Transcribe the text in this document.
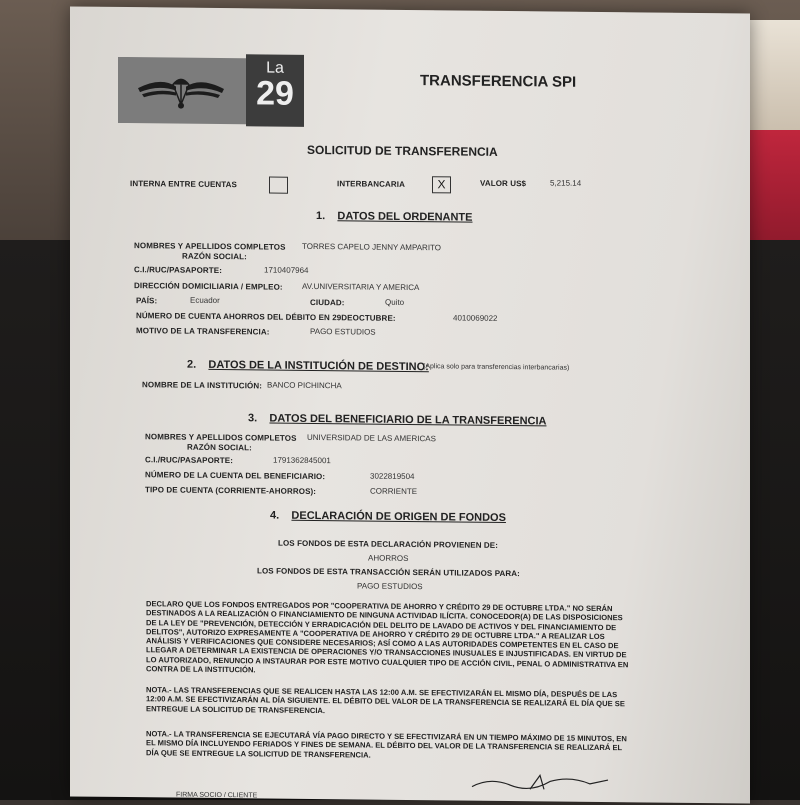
La
29	TRANSFERENCIA SPI
SOLICITUD DE TRANSFERENCIA
INTERNA ENTRE CUENTAS	INTERBANCARIA	X	VALOR US$	5,215.14
1. DATOS DEL ORDENANTE
NOMBRES Y APELLIDOS COMPLETOS
RAZÓN SOCIAL:
TORRES CAPELO JENNY AMPARITO
C.I./RUC/PASAPORTE:	1710407964
DIRECCIÓN DOMICILIARIA / EMPLEO: AV.UNIVERSITARIA Y AMERICA
PAÍS:	Ecuador	CIUDAD:	Quito
NÚMERO DE CUENTA AHORROS DEL DÉBITO EN 29DEOCTUBRE:	4010069022
MOTIVO DE LA TRANSFERENCIA:	PAGO ESTUDIOS
2. DATOS DE LA INSTITUCIÓN DE DESTINO:
(Aplica solo para transferencias interbancarias)
NOMBRE DE LA INSTITUCIÓN: BANCO PICHINCHA
3. DATOS DEL BENEFICIARIO DE LA TRANSFERENCIA
NOMBRES Y APELLIDOS COMPLETOS
RAZÓN SOCIAL:
UNIVERSIDAD DE LAS AMERICAS
C.I./RUC/PASAPORTE:	1791362845001
NÚMERO DE LA CUENTA DEL BENEFICIARIO:	3022819504
TIPO DE CUENTA (CORRIENTE-AHORROS):	CORRIENTE
4. DECLARACIÓN DE ORIGEN DE FONDOS
LOS FONDOS DE ESTA DECLARACIÓN PROVIENEN DE:
AHORROS
LOS FONDOS DE ESTA TRANSACCIÓN SERÁN UTILIZADOS PARA:
PAGO ESTUDIOS
DECLARO QUE LOS FONDOS ENTREGADOS POR "COOPERATIVA DE AHORRO Y CRÉDITO 29 DE OCTUBRE LTDA." NO SERÁN DESTINADOS A LA REALIZACIÓN O FINANCIAMIENTO DE NINGUNA ACTIVIDAD ILÍCITA. CONOCEDOR(A) DE LAS DISPOSICIONES DE LA LEY DE "PREVENCIÓN, DETECCIÓN Y ERRADICACIÓN DEL DELITO DE LAVADO DE ACTIVOS Y DEL FINANCIAMIENTO DE DELITOS", AUTORIZO EXPRESAMENTE A "COOPERATIVA DE AHORRO Y CRÉDITO 29 DE OCTUBRE LTDA." A REALIZAR LOS ANÁLISIS Y VERIFICACIONES QUE CONSIDERE NECESARIOS; ASÍ COMO A LAS AUTORIDADES COMPETENTES EN EL CASO DE LLEGAR A DETERMINAR LA EXISTENCIA DE OPERACIONES Y/O TRANSACCIONES INUSUALES E INJUSTIFICADAS. EN VIRTUD DE LO AUTORIZADO, RENUNCIO A INSTAURAR POR ESTE MOTIVO CUALQUIER TIPO DE ACCIÓN CIVIL, PENAL O ADMINISTRATIVA EN CONTRA DE LA INSTITUCIÓN.
NOTA.- LAS TRANSFERENCIAS QUE SE REALICEN HASTA LAS 12:00 A.M. SE EFECTIVIZARÁN EL MISMO DÍA, DESPUÉS DE LAS 12:00 A.M. SE EFECTIVIZARÁN AL DÍA SIGUIENTE. EL DÉBITO DEL VALOR DE LA TRANSFERENCIA SE REALIZARÁ EL DÍA QUE SE ENTREGUE LA SOLICITUD DE TRANSFERENCIA.
NOTA.- LA TRANSFERENCIA SE EJECUTARÁ VÍA PAGO DIRECTO Y SE EFECTIVIZARÁ EN UN TIEMPO MÁXIMO DE 15 MINUTOS, EN EL MISMO DÍA INCLUYENDO FERIADOS Y FINES DE SEMANA. EL DÉBITO DEL VALOR DE LA TRANSFERENCIA SE REALIZARÁ EL DÍA QUE SE ENTREGUE LA SOLICITUD DE TRANSFERENCIA.
FIRMA SOCIO / CLIENTE
